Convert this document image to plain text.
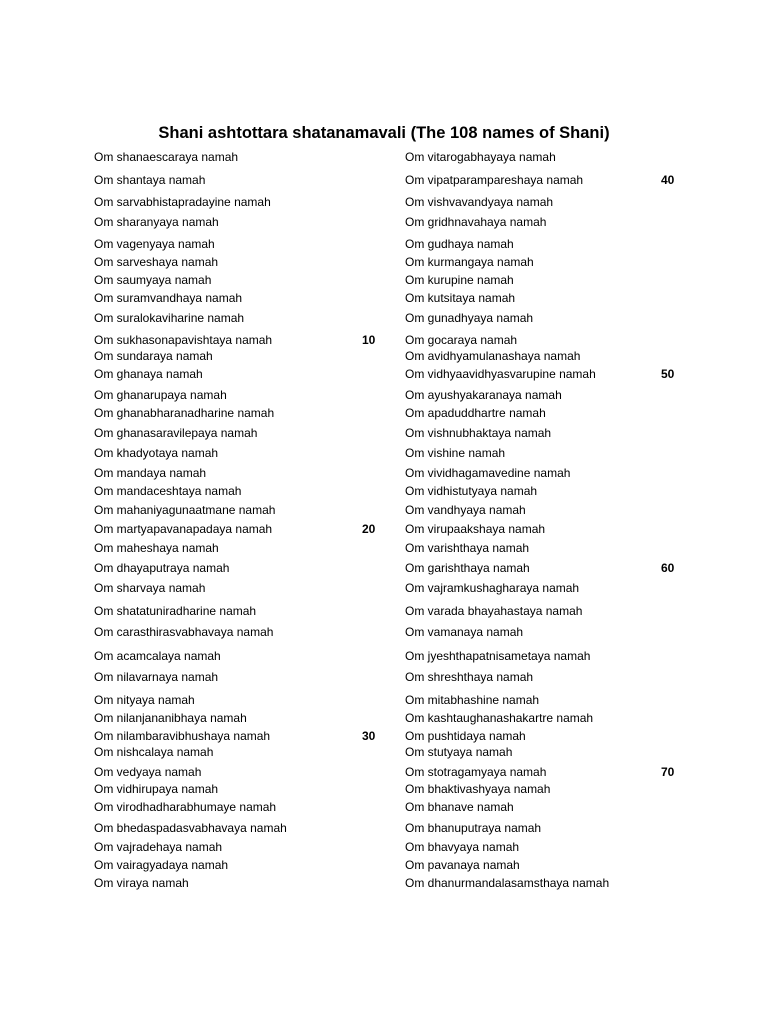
Shani ashtottara shatanamavali (The 108 names of Shani)
Om shanaescaraya namah
Om shantaya namah
Om sarvabhistapradayine namah
Om sharanyaya namah
Om vagenyaya namah
Om sarveshaya namah
Om saumyaya namah
Om suramvandhaya namah
Om suralokaviharine namah
Om sukhasonapavishtaya namah	10
Om sundaraya namah
Om ghanaya namah
Om ghanarupaya namah
Om ghanabharanadharine namah
Om ghanasaravilepaya namah
Om khadyotaya namah
Om mandaya namah
Om mandaceshtaya namah
Om mahaniyagunaatmane namah
Om martyapavanapadaya namah	20
Om maheshaya namah
Om dhayaputraya namah
Om sharvaya namah
Om shatatuniradharine namah
Om carasthirasvabhavaya namah
Om acamcalaya namah
Om nilavarnaya namah
Om nityaya namah
Om nilanjananibhaya namah
Om nilambaravibhushaya namah	30
Om nishcalaya namah
Om vedyaya namah
Om vidhirupaya namah
Om virodhadharabhumaye namah
Om bhedaspadasvabhavaya namah
Om vajradehaya namah
Om vairagyadaya namah
Om viraya namah
Om vitarogabhayaya namah
Om vipatparampareshaya namah	40
Om vishvavandyaya namah
Om gridhnavahaya namah
Om gudhaya namah
Om kurmangaya namah
Om kurupine namah
Om kutsitaya namah
Om gunadhyaya namah
Om gocaraya namah
Om avidhyamulanashaya namah
Om vidhyaavidhyasvarupine namah	50
Om ayushyakaranaya namah
Om apaduddhartre namah
Om vishnubhaktaya namah
Om vishine namah
Om vividhagamavedine namah
Om vidhistutyaya namah
Om vandhyaya namah
Om virupaakshaya namah
Om varishthaya namah
Om garishthaya namah	60
Om vajramkushagharaya namah
Om varada bhayahastaya namah
Om vamanaya namah
Om jyeshthapatnisametaya namah
Om shreshthaya namah
Om mitabhashine namah
Om kashtaughanashakartre namah
Om pushtidaya namah
Om stutyaya namah
Om stotragamyaya namah	70
Om bhaktivashyaya namah
Om bhanave namah
Om bhanuputraya namah
Om bhavyaya namah
Om pavanaya namah
Om dhanurmandalasamsthaya namah
